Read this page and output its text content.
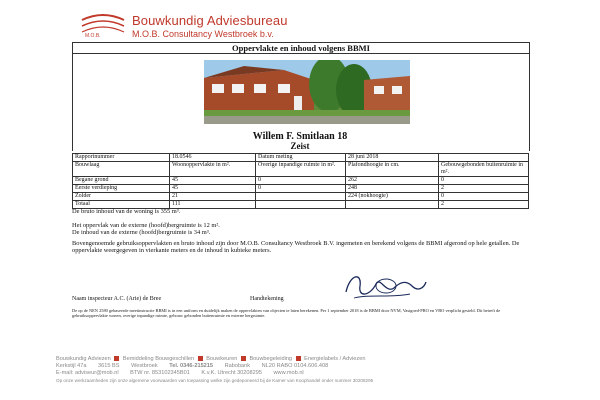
M.O.B.
Bouwkundig Adviesbureau
M.O.B. Consultancy Westbroek b.v.
Oppervlakte en inhoud volgens BBMI
Willem F. Smitlaan 18
Zeist
Rapportnummer	18.0546	Datum meting	28 juni 2018	
Bouwlaag	Woonoppervlakte in m².	Overige inpandige ruimte in m².	Plafondhoogte in cm.	Gebouwgebonden buitenruimte in m².
Begane grond	45	0	262	0
Eerste verdieping	45	0	248	2
Zolder	21		224 (nokhoogte)	0
Totaal	111			2
De bruto inhoud van de woning is 355 m³.
Het oppervlak van de externe (hoofd)bergruimte is 12 m².
De inhoud van de externe (hoofd)bergruimte is 34 m³.
Bovengenoemde gebruiksoppervlakten en bruto inhoud zijn door M.O.B. Consultancy Westbroek B.V. ingemeten en berekend volgens de BBMI afgerond op hele getallen. De oppervlakte weergegeven in vierkante meters en de inhoud in kubieke meters.
Naam inspecteur A.C. (Arie) de Bree	Handtekening
De op de NEN 2580 gebaseerde meetinstructie BBMI is in een uniform en duidelijk maken de oppervlakten van objecten te laten berekenen. Per 1 september 2018 is de BBMI door NVM, Vastgoed-PRO en VBO verplicht gesteld. Dit betreft de gebruiksoppervlakte wonen, overige inpandige ruimte, gebouw gebonden buitenruimte en externe bergruimte.
Bouwkundig Adviezen Bemiddeling Bouwgeschillen Bouwkeuren Bouwbegeleiding Energielabels / Adviezen
Kerkstijl 47a 3615 BS Westbroek Tel. 0346-215215 Rabobank NL20 RABO 0104.606.408
E-mail: adviseur@mob.nl BTW nr. 853102345B01 K.v.K. Utrecht 30208295 www.mob.nl
Op onze werkzaamheden zijn onze algemene voorwaarden van toepassing welke zijn gedeponeerd bij de Kamer van Koophandel onder nummer 30208295
